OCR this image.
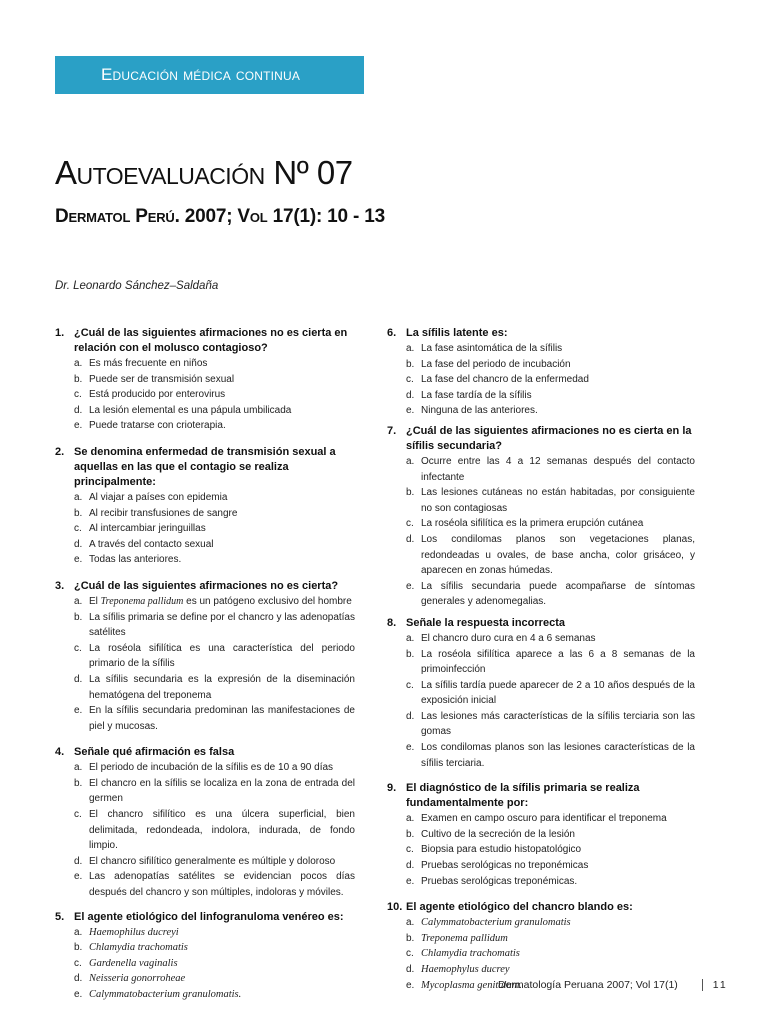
Educación médica continua
Autoevaluación Nº 07
Dermatol Perú. 2007; Vol 17(1): 10 - 13
Dr. Leonardo Sánchez–Saldaña
1. ¿Cuál de las siguientes afirmaciones no es cierta en relación con el molusco contagioso?
a. Es más frecuente en niños
b. Puede ser de transmisión sexual
c. Está producido por enterovirus
d. La lesión elemental es una pápula umbilicada
e. Puede tratarse con crioterapia.
2. Se denomina enfermedad de transmisión sexual a aquellas en las que el contagio se realiza principalmente:
a. Al viajar a países con epidemia
b. Al recibir transfusiones de sangre
c. Al intercambiar jeringuillas
d. A través del contacto sexual
e. Todas las anteriores.
3. ¿Cuál de las siguientes afirmaciones no es cierta?
a. El Treponema pallidum es un patógeno exclusivo del hombre
b. La sífilis primaria se define por el chancro y las adenopatías satélites
c. La roséola sifilítica es una característica del periodo primario de la sífilis
d. La sífilis secundaria es la expresión de la diseminación hematógena del treponema
e. En la sífilis secundaria predominan las manifestaciones de piel y mucosas.
4. Señale qué afirmación es falsa
a. El periodo de incubación de la sífilis es de 10 a 90 días
b. El chancro en la sífilis se localiza en la zona de entrada del germen
c. El chancro sifilítico es una úlcera superficial, bien delimitada, redondeada, indolora, indurada, de fondo limpio.
d. El chancro sifilítico generalmente es múltiple y doloroso
e. Las adenopatías satélites se evidencian pocos días después del chancro y son múltiples, indoloras y móviles.
5. El agente etiológico del linfogranuloma venéreo es:
a. Haemophilus ducreyi
b. Chlamydia trachomatis
c. Gardenella vaginalis
d. Neisseria gonorroheae
e. Calymmatobacterium granulomatis.
6. La sífilis latente es:
a. La fase asintomática de la sífilis
b. La fase del periodo de incubación
c. La fase del chancro de la enfermedad
d. La fase tardía de la sífilis
e. Ninguna de las anteriores.
7. ¿Cuál de las siguientes afirmaciones no es cierta en la sífilis secundaria?
a. Ocurre entre las 4 a 12 semanas después del contacto infectante
b. Las lesiones cutáneas no están habitadas, por consiguiente no son contagiosas
c. La roséola sifilítica es la primera erupción cutánea
d. Los condilomas planos son vegetaciones planas, redondeadas u ovales, de base ancha, color grisáceo, y aparecen en zonas húmedas.
e. La sífilis secundaria puede acompañarse de síntomas generales y adenomegalias.
8. Señale la respuesta incorrecta
a. El chancro duro cura en 4 a 6 semanas
b. La roséola sifilítica aparece a las 6 a 8 semanas de la primoinfección
c. La sífilis tardía puede aparecer de 2 a 10 años después de la exposición inicial
d. Las lesiones más características de la sífilis terciaria son las gomas
e. Los condilomas planos son las lesiones características de la sífilis terciaria.
9. El diagnóstico de la sífilis primaria se realiza fundamentalmente por:
a. Examen en campo oscuro para identificar el treponema
b. Cultivo de la secreción de la lesión
c. Biopsia para estudio histopatológico
d. Pruebas serológicas no treponémicas
e. Pruebas serológicas treponémicas.
10. El agente etiológico del chancro blando es:
a. Calymmatobacterium granulomatis
b. Treponema pallidum
c. Chlamydia trachomatis
d. Haemophylus ducrey
e. Mycoplasma genitalum.
Dermatología Peruana 2007; Vol 17(1)	11
